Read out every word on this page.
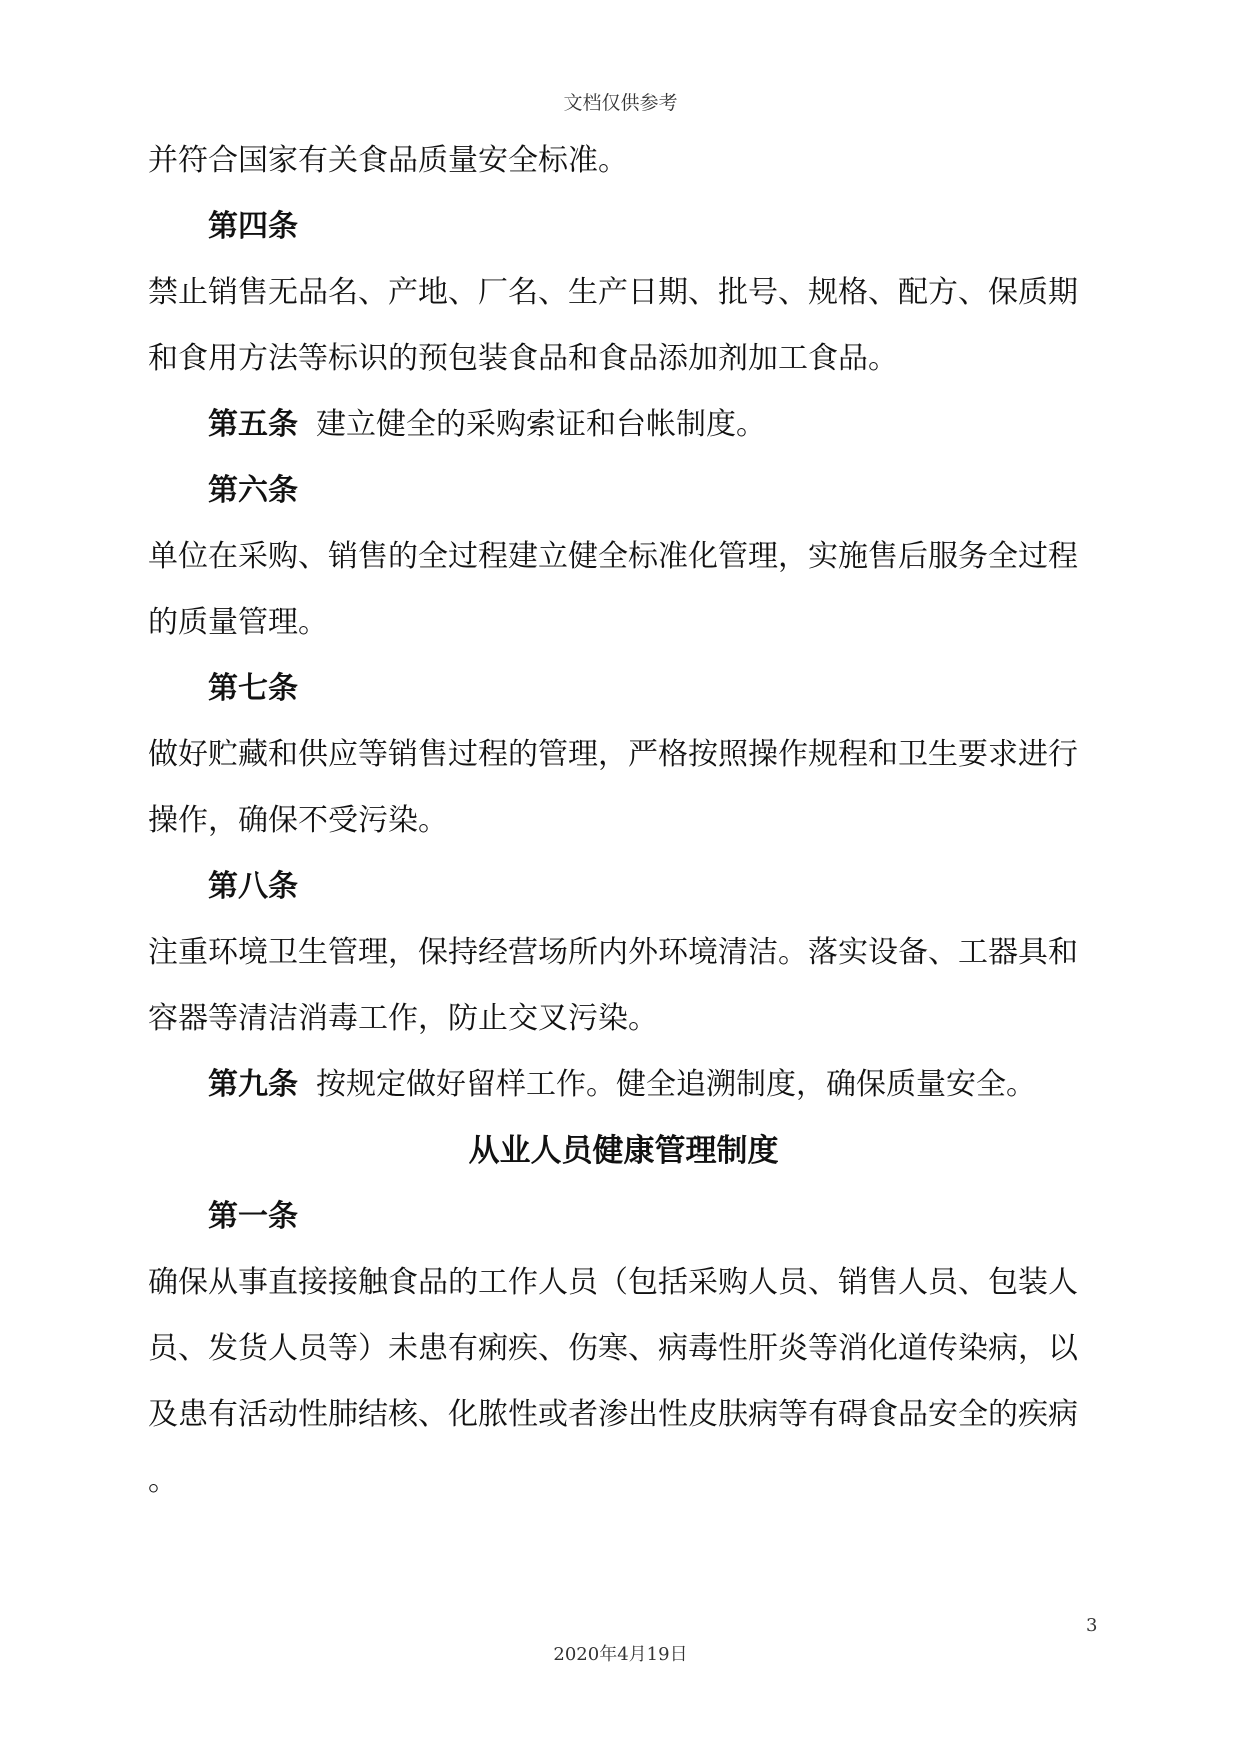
文档仅供参考
并符合国家有关食品质量安全标准。
第四条
禁止销售无品名、产地、厂名、生产日期、批号、规格、配方、保质期
和食用方法等标识的预包装食品和食品添加剂加工食品。
第五条 建立健全的采购索证和台帐制度。
第六条
单位在采购、销售的全过程建立健全标准化管理，实施售后服务全过程
的质量管理。
第七条
做好贮藏和供应等销售过程的管理，严格按照操作规程和卫生要求进行
操作，确保不受污染。
第八条
注重环境卫生管理，保持经营场所内外环境清洁。落实设备、工器具和
容器等清洁消毒工作，防止交叉污染。
第九条 按规定做好留样工作。健全追溯制度，确保质量安全。
从业人员健康管理制度
第一条
确保从事直接接触食品的工作人员（包括采购人员、销售人员、包装人
员、发货人员等）未患有痢疾、伤寒、病毒性肝炎等消化道传染病，以
及患有活动性肺结核、化脓性或者渗出性皮肤病等有碍食品安全的疾病
。
3
2020年4月19日
